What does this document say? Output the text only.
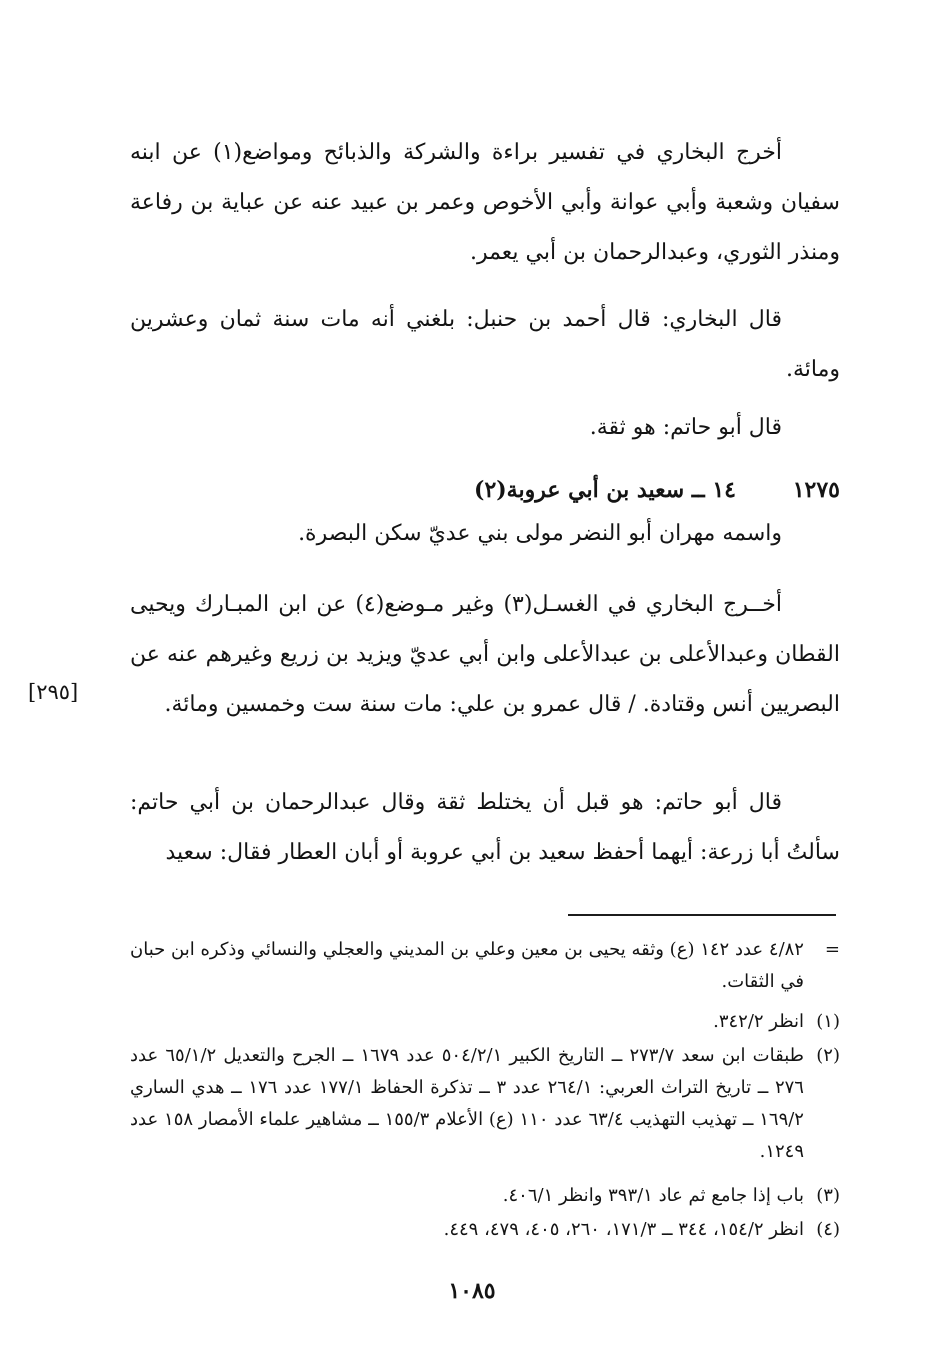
أخرج البخاري في تفسير براءة والشركة والذبائح ومواضع(١) عن ابنه سفيان وشعبة وأبي عوانة وأبي الأخوص وعمر بن عبيد عنه عن عباية بن رفاعة ومنذر الثوري، وعبدالرحمان بن أبي يعمر.
قال البخاري: قال أحمد بن حنبل: بلغني أنه مات سنة ثمان وعشرين ومائة.
قال أبو حاتم: هو ثقة.
١٢٧٥
١٤ ــ سعيد بن أبي عروبة(٢)
واسمه مهران أبو النضر مولى بني عديّ سكن البصرة.
أخــرج البخاري في الغسـل(٣) وغير مـوضع(٤) عن ابن المبـارك ويحيى القطان وعبدالأعلى بن عبدالأعلى وابن أبي عديّ ويزيد بن زريع وغيرهم عنه عن البصريين أنس وقتادة. / قال عمرو بن علي: مات سنة ست وخمسين ومائة.
[٢٩٥]
قال أبو حاتم: هو قبل أن يختلط ثقة وقال عبدالرحمان بن أبي حاتم: سألتُ أبا زرعة: أيهما أحفظ سعيد بن أبي عروبة أو أبان العطار فقال: سعيد
=
٤/٨٢ عدد ١٤٢ (ع) وثقه يحيى بن معين وعلي بن المديني والعجلي والنسائي وذكره ابن حبان في الثقات.
(١)
انظر ٣٤٢/٢.
(٢)
طبقات ابن سعد ٢٧٣/٧ ــ التاريخ الكبير ٥٠٤/٢/١ عدد ١٦٧٩ ــ الجرح والتعديل ٦٥/١/٢ عدد ٢٧٦ ــ تاريخ التراث العربي: ٢٦٤/١ عدد ٣ ــ تذكرة الحفاظ ١٧٧/١ عدد ١٧٦ ــ هدي الساري ١٦٩/٢ ــ تهذيب التهذيب ٦٣/٤ عدد ١١٠ (ع) الأعلام ١٥٥/٣ ــ مشاهير علماء الأمصار ١٥٨ عدد ١٢٤٩.
(٣)
باب إذا جامع ثم عاد ٣٩٣/١ وانظر ٤٠٦/١.
(٤)
انظر ١٥٤/٢، ٣٤٤ ــ ١٧١/٣، ٢٦٠، ٤٠٥، ٤٧٩، ٤٤٩.
١٠٨٥
